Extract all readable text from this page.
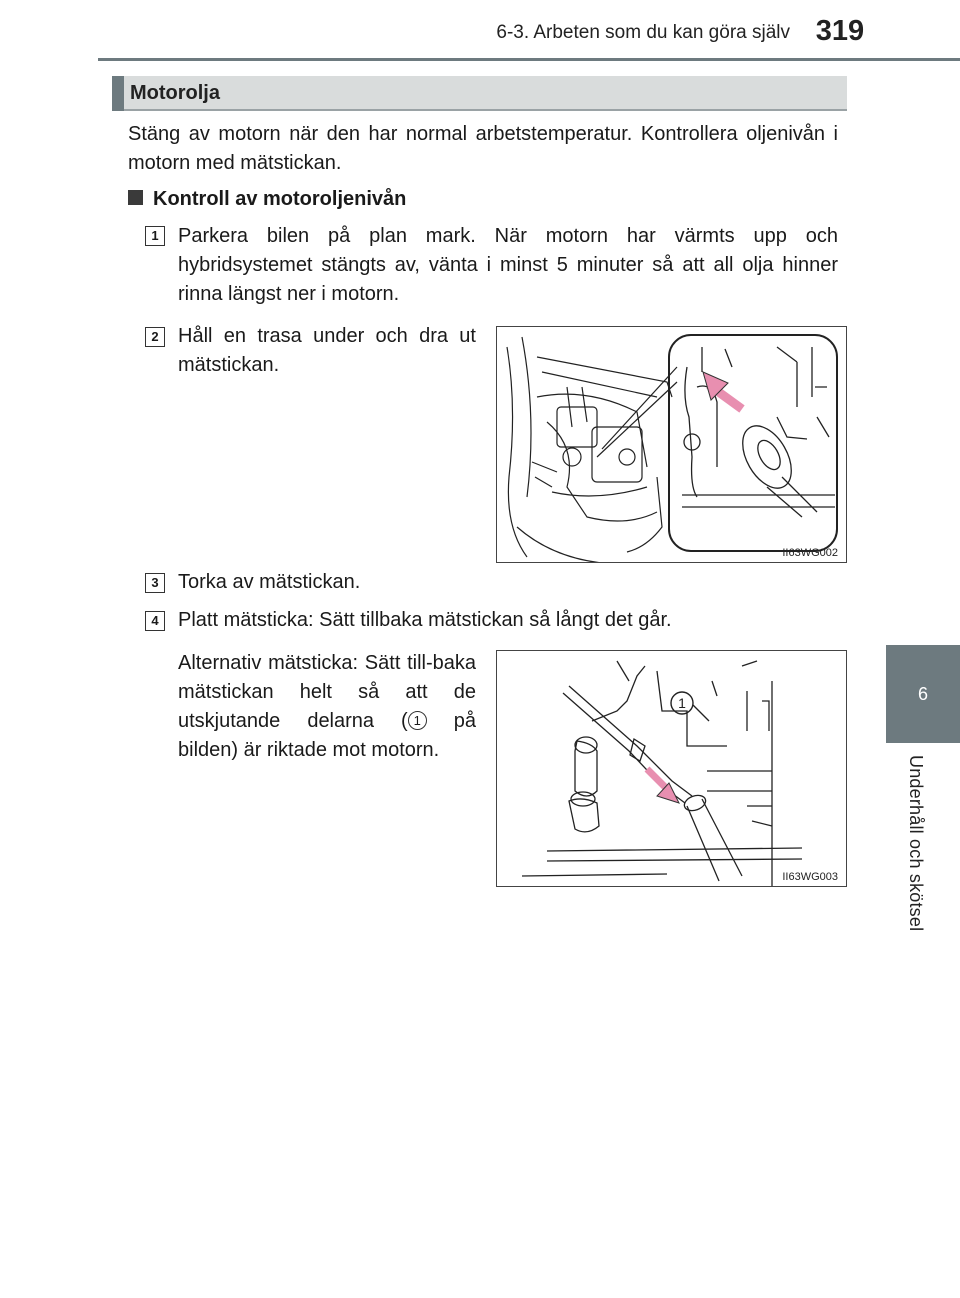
6-3. Arbeten som du kan göra själv 319
6
Underhåll och skötsel
Motorolja
Stäng av motorn när den har normal arbetstemperatur. Kontrollera oljenivån i motorn med mätstickan.
Kontroll av motoroljenivån
1 Parkera bilen på plan mark. När motorn har värmts upp och hybridsystemet stängts av, vänta i minst 5 minuter så att all olja hinner rinna längst ner i motorn.
2 Håll en trasa under och dra ut mätstickan.
II63WG002
3 Torka av mätstickan.
4 Platt mätsticka: Sätt tillbaka mätstickan så långt det går.
Alternativ mätsticka: Sätt till-baka mätstickan helt så att de utskjutande delarna ( 1 på bilden) är riktade mot motorn.
1
II63WG003
